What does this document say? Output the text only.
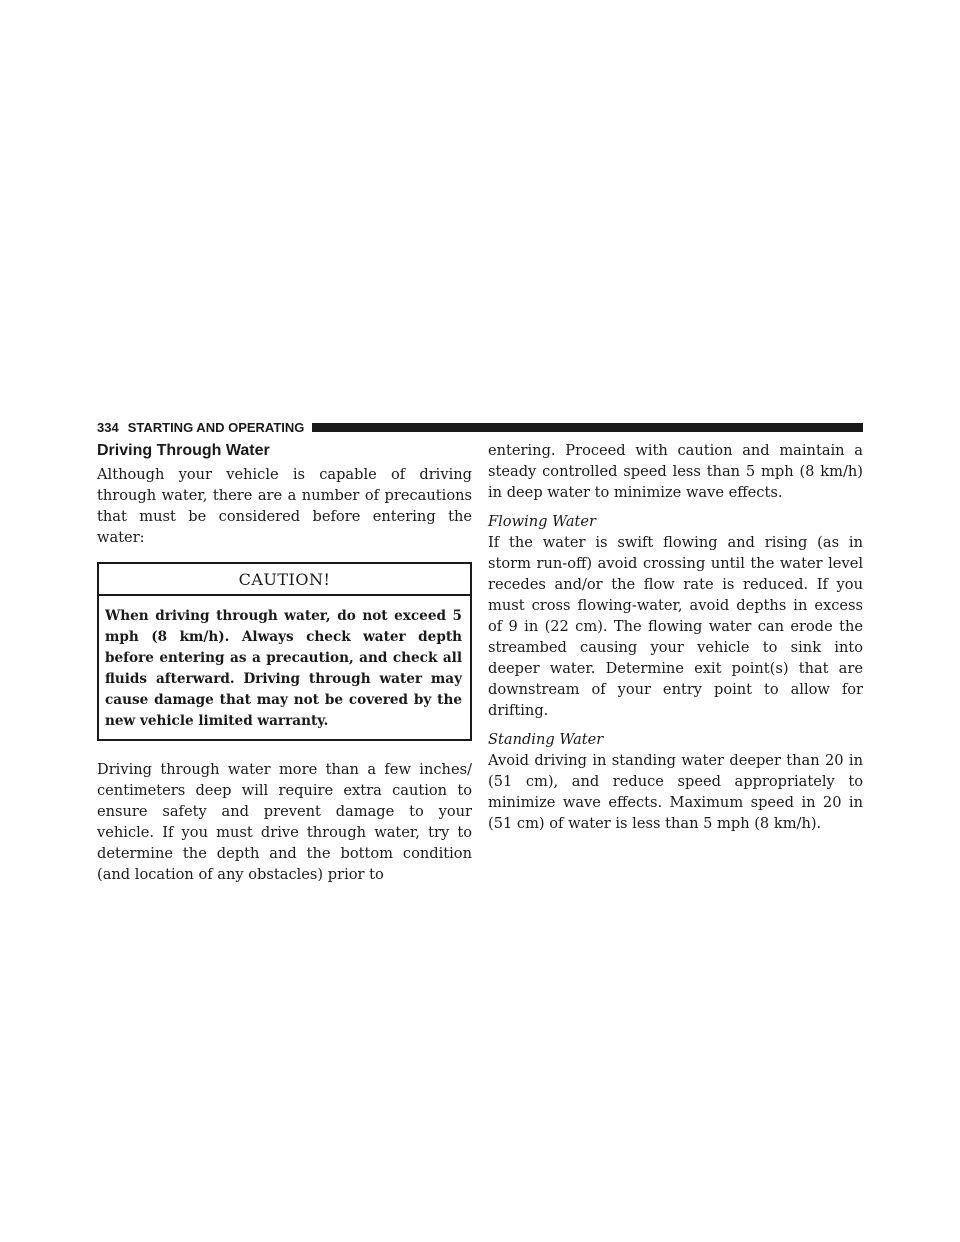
334 STARTING AND OPERATING
Driving Through Water

Although your vehicle is capable of driving through water, there are a number of precautions that must be considered before entering the water:

CAUTION!
When driving through water, do not exceed 5 mph (8 km/h). Always check water depth before entering as a precaution, and check all fluids afterward. Driving through water may cause damage that may not be covered by the new vehicle limited warranty.

Driving through water more than a few inches/ centimeters deep will require extra caution to ensure safety and prevent damage to your vehicle. If you must drive through water, try to determine the depth and the bottom condition (and location of any obstacles) prior to

entering. Proceed with caution and maintain a steady controlled speed less than 5 mph (8 km/h) in deep water to minimize wave effects.

Flowing Water

If the water is swift flowing and rising (as in storm run-off) avoid crossing until the water level recedes and/or the flow rate is reduced. If you must cross flowing-water, avoid depths in excess of 9 in (22 cm). The flowing water can erode the streambed causing your vehicle to sink into deeper water. Determine exit point(s) that are downstream of your entry point to allow for drifting.

Standing Water

Avoid driving in standing water deeper than 20 in (51 cm), and reduce speed appropriately to minimize wave effects. Maximum speed in 20 in (51 cm) of water is less than 5 mph (8 km/h).
